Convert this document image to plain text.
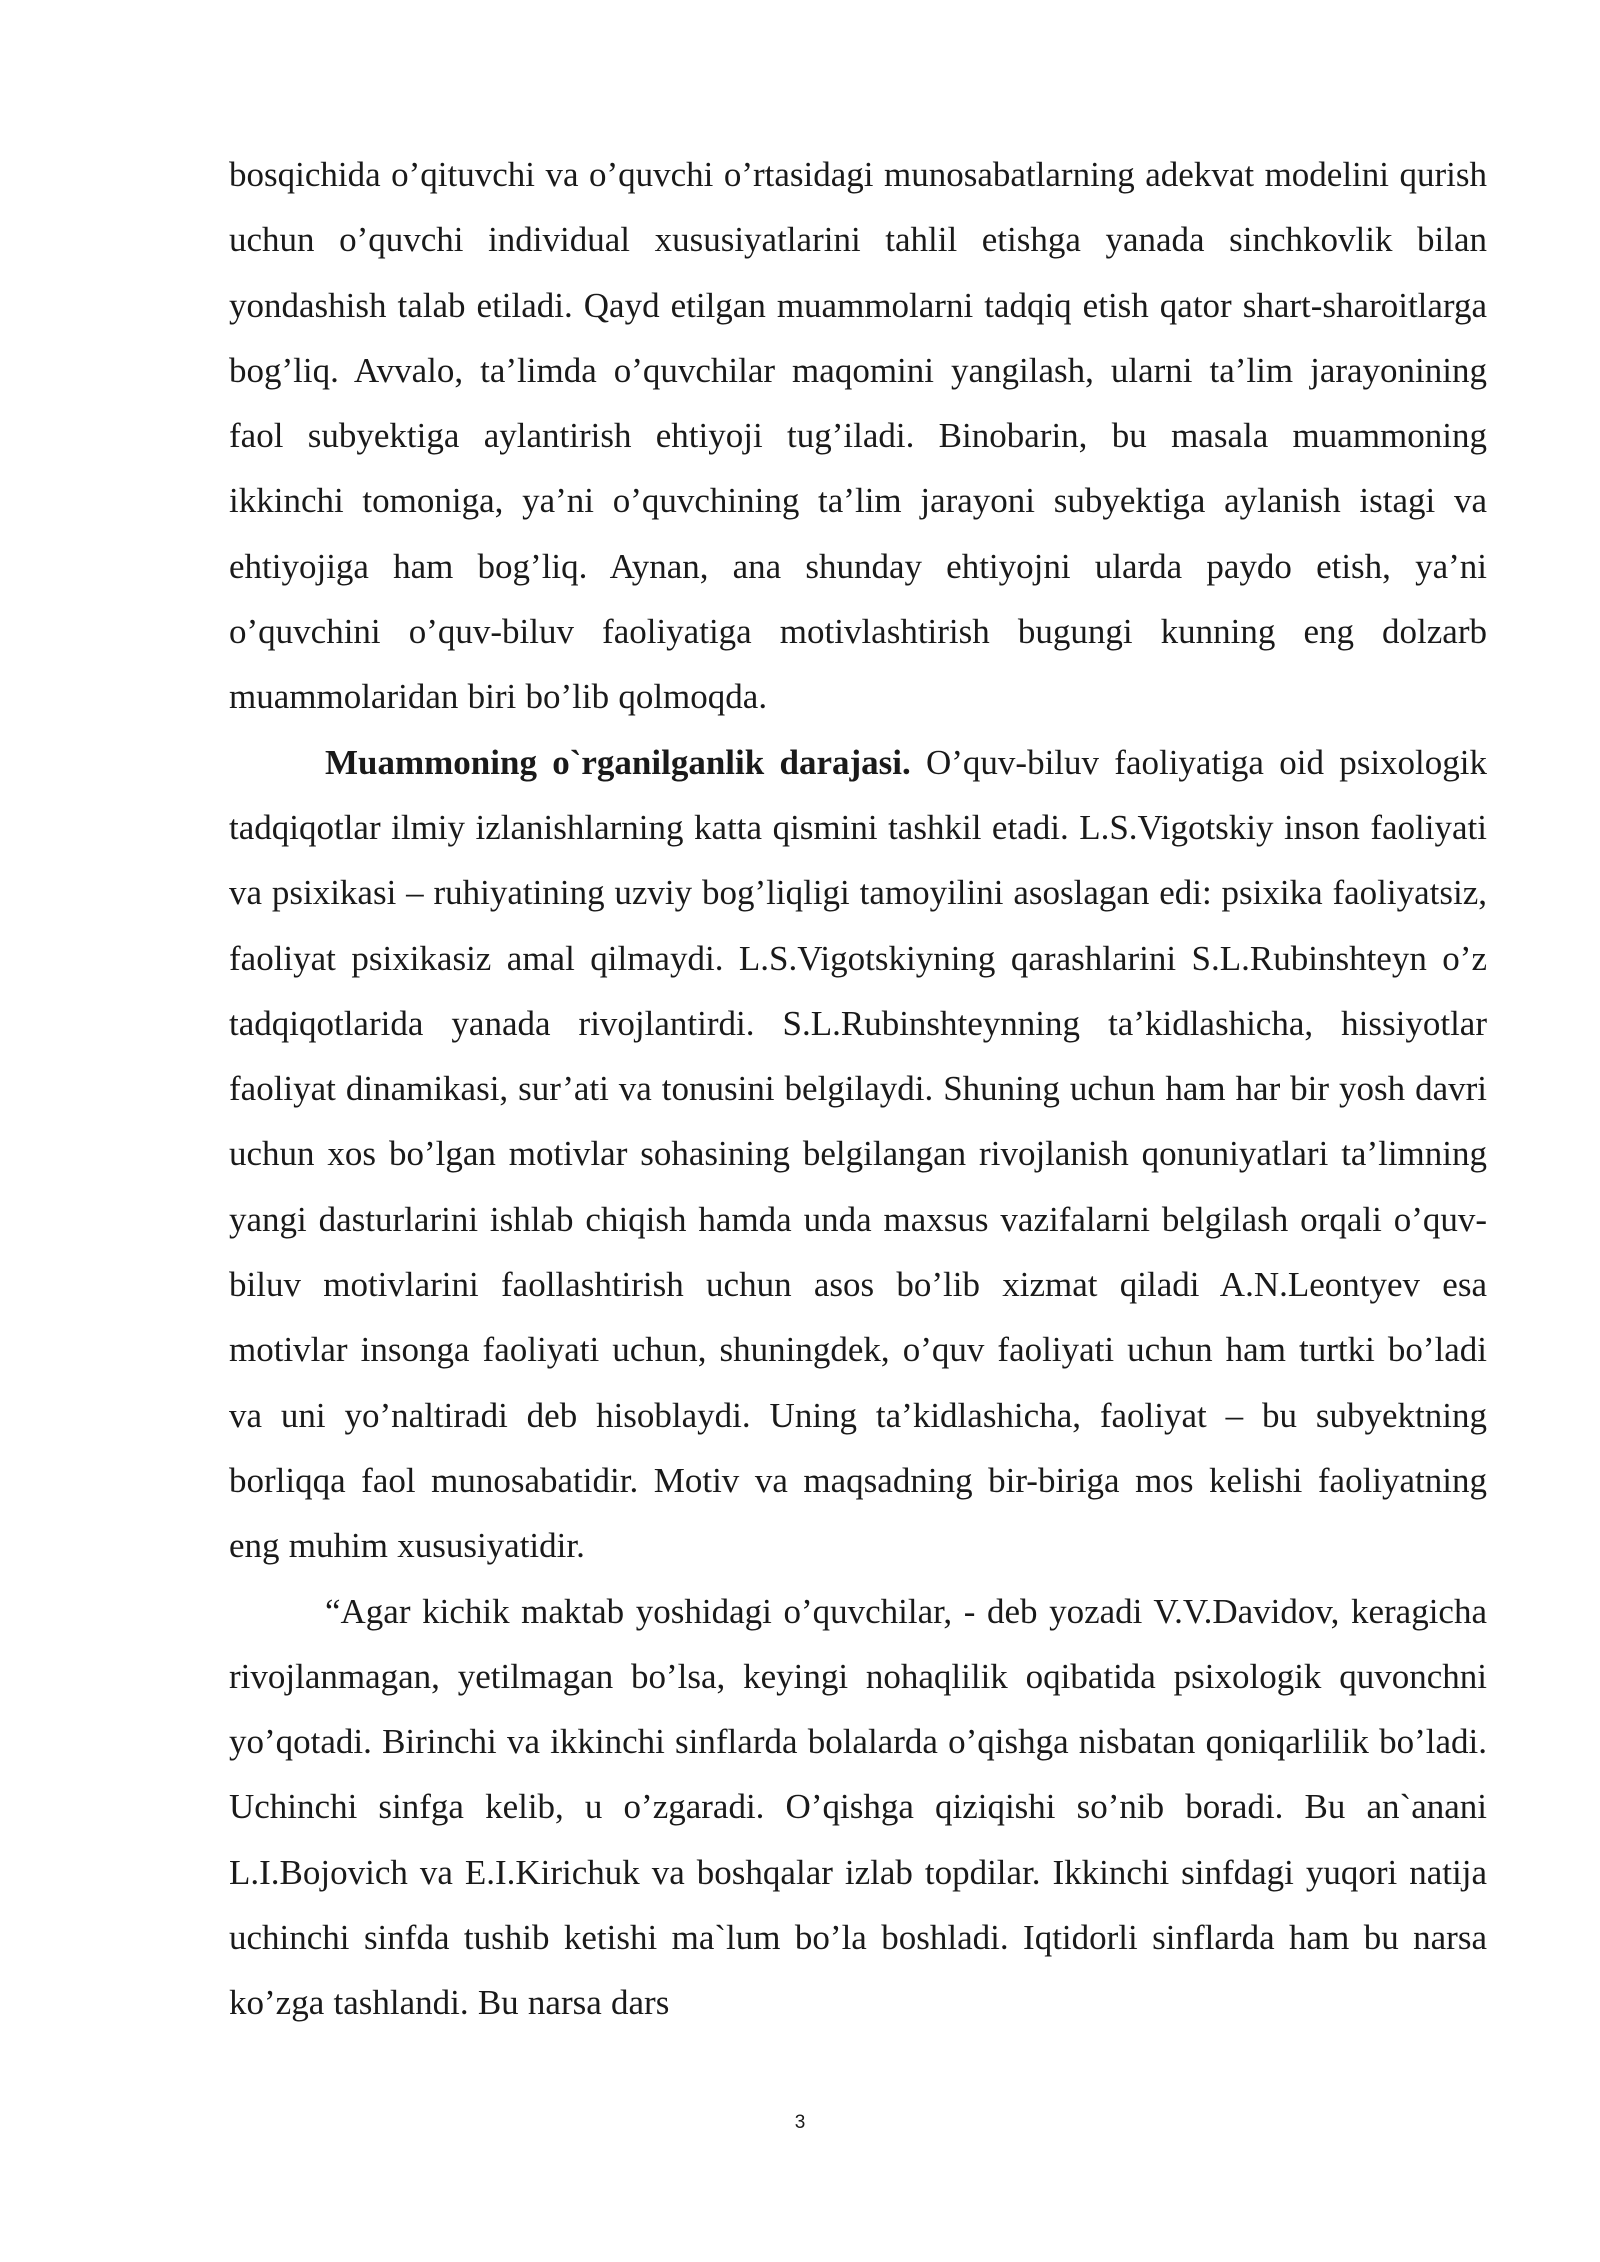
bosqichida o’qituvchi va o’quvchi o’rtasidagi munosabatlarning adekvat modelini qurish uchun o’quvchi individual xususiyatlarini tahlil etishga yanada sinchkovlik bilan yondashish talab etiladi. Qayd etilgan muammolarni tadqiq etish qator shart-sharoitlarga bog’liq. Avvalo, ta’limda o’quvchilar maqomini yangilash, ularni ta’lim jarayonining faol subyektiga aylantirish ehtiyoji tug’iladi. Binobarin, bu masala muammoning ikkinchi tomoniga, ya’ni o’quvchining ta’lim jarayoni subyektiga aylanish istagi va ehtiyojiga ham bog’liq. Aynan, ana shunday ehtiyojni ularda paydo etish, ya’ni o’quvchini o’quv-biluv faoliyatiga motivlashtirish bugungi kunning eng dolzarb muammolaridan biri bo’lib qolmoqda.

Muammoning o`rganilganlik darajasi. O’quv-biluv faoliyatiga oid psixologik tadqiqotlar ilmiy izlanishlarning katta qismini tashkil etadi. L.S.Vigotskiy inson faoliyati va psixikasi – ruhiyatining uzviy bog’liqligi tamoyilini asoslagan edi: psixika faoliyatsiz, faoliyat psixikasiz amal qilmaydi. L.S.Vigotskiyning qarashlarini S.L.Rubinshteyn o’z tadqiqotlarida yanada rivojlantirdi. S.L.Rubinshteynning ta’kidlashicha, hissiyotlar faoliyat dinamikasi, sur’ati va tonusini belgilaydi. Shuning uchun ham har bir yosh davri uchun xos bo’lgan motivlar sohasining belgilangan rivojlanish qonuniyatlari ta’limning yangi dasturlarini ishlab chiqish hamda unda maxsus vazifalarni belgilash orqali o’quv-biluv motivlarini faollashtirish uchun asos bo’lib xizmat qiladi A.N.Leontyev esa motivlar insonga faoliyati uchun, shuningdek, o’quv faoliyati uchun ham turtki bo’ladi va uni yo’naltiradi deb hisoblaydi. Uning ta’kidlashicha, faoliyat – bu subyektning borliqqa faol munosabatidir. Motiv va maqsadning bir-biriga mos kelishi faoliyatning eng muhim xususiyatidir.

“Agar kichik maktab yoshidagi o’quvchilar, - deb yozadi V.V.Davidov, keragicha rivojlanmagan, yetilmagan bo’lsa, keyingi nohaqlilik oqibatida psixologik quvonchni yo’qotadi. Birinchi va ikkinchi sinflarda bolalarda o’qishga nisbatan qoniqarlilik bo’ladi. Uchinchi sinfga kelib, u o’zgaradi. O’qishga qiziqishi so’nib boradi. Bu an`anani L.I.Bojovich va E.I.Kirichuk va boshqalar izlab topdilar. Ikkinchi sinfdagi yuqori natija uchinchi sinfda tushib ketishi ma`lum bo’la boshladi. Iqtidorli sinflarda ham bu narsa ko’zga tashlandi. Bu narsa dars

3
